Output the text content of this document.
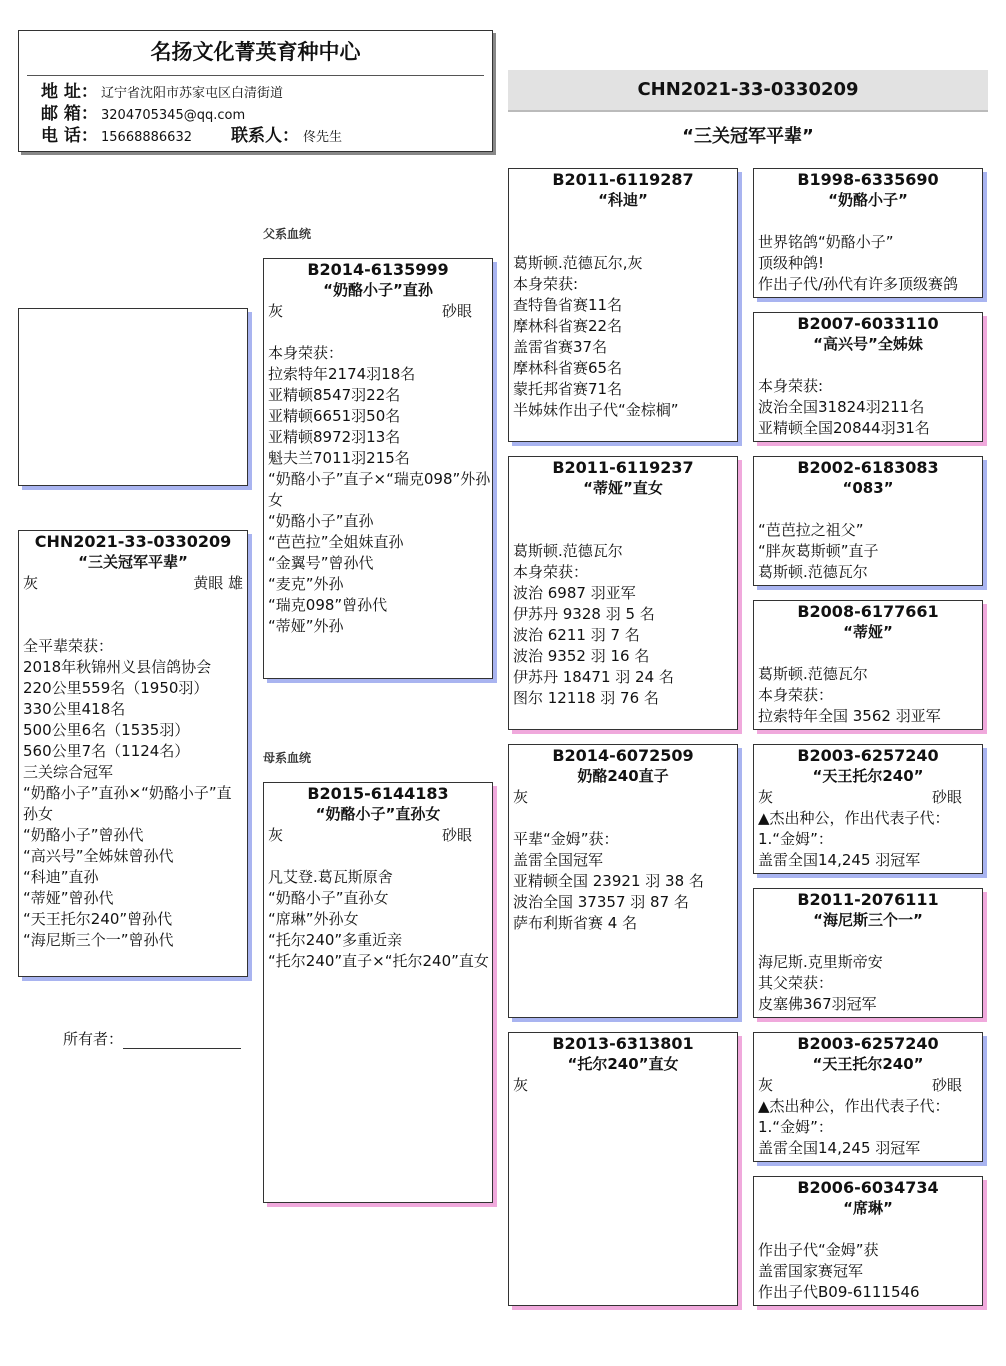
名扬文化菁英育种中心
地 址： 辽宁省沈阳市苏家屯区白清街道
邮 箱： 3204705345@qq.com
电 话： 15668886632 联系人： 佟先生
CHN2021-33-0330209
“三关冠军平辈”
CHN2021-33-0330209
“三关冠军平辈”
灰	黄眼 雄
全平辈荣获：
2018年秋锦州义县信鸽协会
220公里559名（1950羽）
330公里418名
500公里6名（1535羽）
560公里7名（1124名）
三关综合冠军
“奶酪小子”直孙×“奶酪小子”直
孙女
“奶酪小子”曾孙代
“高兴号”全姊妹曾孙代
“科迪”直孙
“蒂娅”曾孙代
“天王托尔240”曾孙代
“海尼斯三个一”曾孙代
所有者：
父系血统
母系血统
B2014-6135999
“奶酪小子”直孙
灰	砂眼
本身荣获：
拉索特年2174羽18名
亚精顿8547羽22名
亚精顿6651羽50名
亚精顿8972羽13名
魁夫兰7011羽215名
“奶酪小子”直子×“瑞克098”外孙
女
“奶酪小子”直孙
“芭芭拉”全姐妹直孙
“金翼号”曾孙代
“麦克”外孙
“瑞克098”曾孙代
“蒂娅”外孙
B2015-6144183
“奶酪小子”直孙女
灰	砂眼
凡艾登.葛瓦斯原舍
“奶酪小子”直孙女
“席琳”外孙女
“托尔240”多重近亲
“托尔240”直子×“托尔240”直女
B2011-6119287
“科迪”
葛斯顿.范德瓦尔,灰
本身荣获:
查特鲁省赛11名
摩林科省赛22名
盖雷省赛37名
摩林科省赛65名
蒙托邦省赛71名
半姊妹作出子代“金棕榈”
B2011-6119237
“蒂娅”直女
葛斯顿.范德瓦尔
本身荣获：
波治 6987 羽亚军
伊苏丹 9328 羽 5 名
波治 6211 羽 7 名
波治 9352 羽 16 名
伊苏丹 18471 羽 24 名
图尔 12118 羽 76 名
B2014-6072509
奶酪240直子
灰
平辈“金姆”获：
盖雷全国冠军
亚精顿全国 23921 羽 38 名
波治全国 37357 羽 87 名
萨布利斯省赛 4 名
B2013-6313801
“托尔240”直女
灰
B1998-6335690
“奶酪小子”
世界铭鸽“奶酪小子”
顶级种鸽!
作出子代/孙代有许多顶级赛鸽
B2007-6033110
“高兴号”全姊妹
本身荣获:
波治全国31824羽211名
亚精顿全国20844羽31名
B2002-6183083
“083”
“芭芭拉之祖父”
“胖灰葛斯顿”直子
葛斯顿.范德瓦尔
B2008-6177661
“蒂娅”
葛斯顿.范德瓦尔
本身荣获：
拉索特年全国 3562 羽亚军
B2003-6257240
“天王托尔240”
灰	砂眼
▲杰出种公，作出代表子代：
1.“金姆”：
盖雷全国14,245 羽冠军
B2011-2076111
“海尼斯三个一”
海尼斯.克里斯帝安
其父荣获：
皮塞佛367羽冠军
B2003-6257240
“天王托尔240”
灰	砂眼
▲杰出种公，作出代表子代：
1.“金姆”：
盖雷全国14,245 羽冠军
B2006-6034734
“席琳”
作出子代“金姆”获
盖雷国家赛冠军
作出子代B09-6111546
